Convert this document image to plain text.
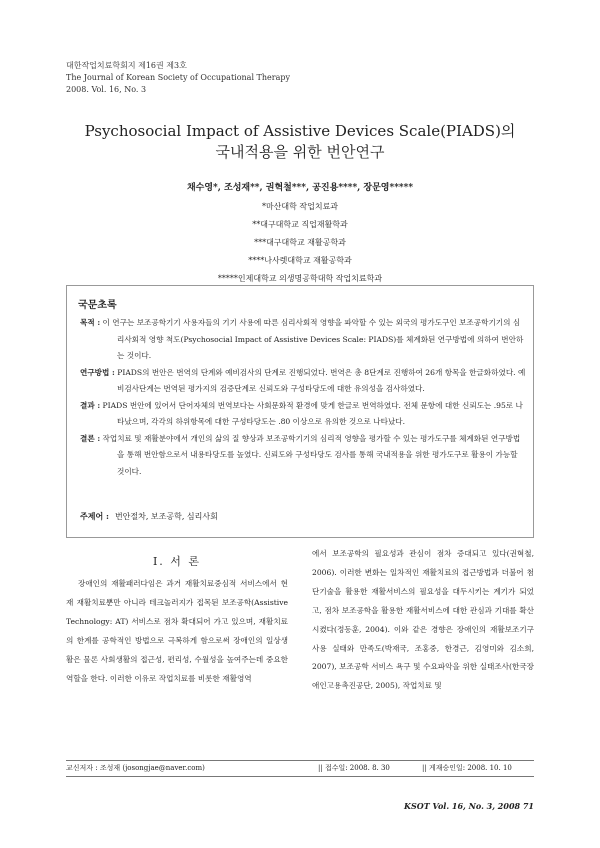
대한작업치료학회지 제16권 제3호
The Journal of Korean Society of Occupational Therapy
2008. Vol. 16, No. 3
Psychosocial Impact of Assistive Devices Scale(PIADS)의
국내적용을 위한 번안연구
채수영*, 조성재**, 권혁철***, 공진용****, 장문영*****
*마산대학 작업치료과
**대구대학교 직업재활학과
***대구대학교 재활공학과
****나사렛대학교 재활공학과
*****인제대학교 의생명공학대학 작업치료학과
국문초록

목적 : 이 연구는 보조공학기기 사용자들의 기기 사용에 따른 심리사회적 영향을 파악할 수 있는 외국의 평가도구인 보조공학기기의 심리사회적 영향 척도(Psychosocial Impact of Assistive Devices Scale: PIADS)를 체계화된 연구방법에 의하여 번안하는 것이다.

연구방법 : PIADS의 번안은 번역의 단계와 예비검사의 단계로 진행되었다. 번역은 총 8단계로 진행하여 26개 항목을 한글화하였다. 예비검사단계는 번역된 평가지의 검증단계로 신뢰도와 구성타당도에 대한 유의성을 검사하였다.

결과 : PIADS 번안에 있어서 단어자체의 번역보다는 사회문화적 환경에 맞게 한글로 번역하였다. 전체 문항에 대한 신뢰도는 .95로 나타났으며, 각각의 하위항목에 대한 구성타당도는 .80 이상으로 유의한 것으로 나타났다.

결론 : 작업치료 및 재활분야에서 개인의 삶의 질 향상과 보조공학기기의 심리적 영향을 평가할 수 있는 평가도구를 체계화된 연구방법을 통해 번안함으로서 내용타당도를 높였다. 신뢰도와 구성타당도 검사를 통해 국내적용을 위한 평가도구로 활용이 가능할 것이다.

주제어 : 번안절차, 보조공학, 심리사회
Ⅰ. 서 론
장애인의 재활패러다임은 과거 재활치료중심적 서비스에서 현재 재활치료뿐만 아니라 테크놀러지가 접목된 보조공학(Assistive Technology: AT) 서비스로 점차 확대되어 가고 있으며, 재활치료의 한계를 공학적인 방법으로 극복하게 함으로써 장애인의 일상생활은 물론 사회생활의 접근성, 편리성, 수월성을 높여주는데 중요한 역할을 한다. 이러한 이유로 작업치료를 비롯한 재활영역
에서 보조공학의 필요성과 관심이 점차 증대되고 있다(권혁철, 2006). 이러한 변화는 일차적인 재활치료의 접근방법과 더불어 첨단기술을 활용한 재활서비스의 필요성을 대두시키는 계기가 되었고, 점차 보조공학을 활용한 재활서비스에 대한 관심과 기대를 확산시켰다(정동훈, 2004). 이와 같은 경향은 장애인의 재활보조기구 사용 실태와 만족도(박재국, 조홍중, 한경근, 김영미와 김소희, 2007), 보조공학 서비스 욕구 및 수요파악을 위한 실태조사(한국장애인고용촉진공단, 2005), 작업치료 및
교신저자 : 조성재 (josongjae@naver.com)	|| 접수일: 2008. 8. 30	|| 게재승인일: 2008. 10. 10
KSOT Vol. 16, No. 3, 2008 71
